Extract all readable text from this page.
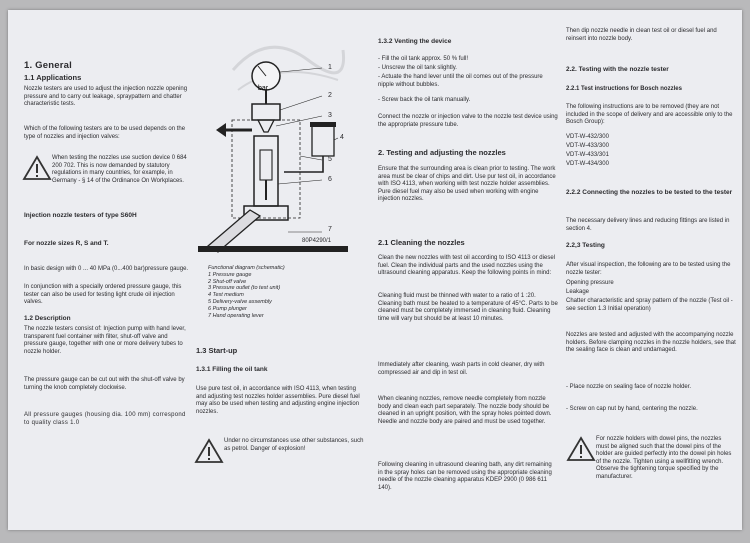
1. General
1.1 Applications

Nozzle testers are used to adjust the injection nozzle opening pressure and to carry out leakage, spraypattern and chatter characteristic tests.

Which of the following testers are to be used depends on the type of nozzles and injection valves:

When testing the nozzles use suction device 0 684 200 702. This is now demanded by statutory regulations in many countries, for example, in Germany - § 14 of the Ordinance On Workplaces.

Injection nozzle testers of type S60H
For nozzle sizes R, S and T.

In basic design with 0 ... 40 MPa (0...400 bar)pressure gauge.

In conjunction with a specially ordered pressure gauge, this tester can also be used for testing light crude oil injection valves.

1.2 Description

The nozzle testers consist of: Injection pump with hand lever, transparent fuel container with filter, shut-off valve and pressure gauge, together with one or more delivery tubes to nozzle holder.

The pressure gauge can be cut out with the shut-off valve by turning the knob completely clockwise.

All pressure gauges (housing dia. 100 mm) correspond to quality class 1.0

bar
1
2
3
4
5
6
7
80P4290/1
Functional diagram (schematic)
1 Pressure gauge
2 Shut-off valve
3 Pressure outlet (to test unit)
4 Test medium
5 Delivery-valve assembly
6 Pump plunger
7 Hand operating lever
1.3 Start-up
1.3.1 Filling the oil tank

Use pure test oil, in accordance with ISO 4113, when testing and adjusting test nozzles holder assemblies. Pure diesel fuel may also be used when testing and adjusting engine injection nozzles.

Under no circumstances use other substances, such as petrol. Danger of explosion!

1.3.2 Venting the device

- Fill the oil tank approx. 50 % full!

- Unscrew the oil tank slightly.

- Actuate the hand lever until the oil comes out of the pressure nipple without bubbles.

- Screw back the oil tank manually.

Connect the nozzle or injection valve to the nozzle test device using the appropriate pressure tube.

2. Testing and adjusting the nozzles

Ensure that the surrounding area is clean prior to testing. The work area must be clear of chips and dirt. Use pur test oil, in accordance with ISO 4113, when working with test nozzle holder assemblies. Pure diesel fuel may also be used when working with engine injection nozzles.

2.1 Cleaning the nozzles

Clean the new nozzles with test oil according to ISO 4113 or diesel fuel. Clean the individual parts and the used nozzles using the ultrasound cleaning apparatus. Keep the following points in mind:

Cleaning fluid must be thinned with water to a ratio of 1 :20. Cleaning bath must be heated to a temperature of 45°C. Parts to be cleaned must be completely immersed in cleaning fluid. Cleaning time will vary but should be at least 10 minutes.

Immediately after cleaning, wash parts in cold cleaner, dry with compressed air and dip in test oil.

When cleaning nozzles, remove needle completely from nozzle body and clean each part separately. The nozzle body should be cleaned in an upright position, with the spray holes pointed down. Needle and nozzle body are paired and must be used together.

Following cleaning in ultrasound cleaning bath, any dirt remaining in the spray holes can be removed using the appropriate cleaning needle of the nozzle cleaning apparatus KDEP 2900 (0 986 611 140).

Then dip nozzle needle in clean test oil or diesel fuel and reinsert into nozzle body.

2.2. Testing with the nozzle tester
2.2.1 Test instructions for Bosch nozzles

The following instructions are to be removed (they are not included in the scope of delivery and are accessible only to the Bosch Group):

VDT-W-432/300

VDT-W-433/300

VDT-W-433/301

VDT-W-434/300

2.2.2 Connecting the nozzles to be tested to the tester

The necessary delivery lines and reducing fittings are listed in section 4.

2.2,3 Testing

After visual inspection, the following are to be tested using the nozzle tester:

Opening pressure

Leakage

Chatter characteristic and spray pattern of the nozzle (Test oil - see section 1.3 Initial operation)

Nozzles are tested and adjusted with the accompanying nozzle holders. Before clamping nozzles in the nozzle holders, see that the sealing face is clean and undamaged.

- Place nozzle on sealing face of nozzle holder.

- Screw on cap nut by hand, centering the nozzle.

For nozzle holders with dowel pins, the nozzles must be aligned such that the dowel pins of the holder are guided perfectly into the dowel pin holes of the nozzle. Tighten using a wellfitting wrench. Observe the tightening torque specified by the manufacturer.
